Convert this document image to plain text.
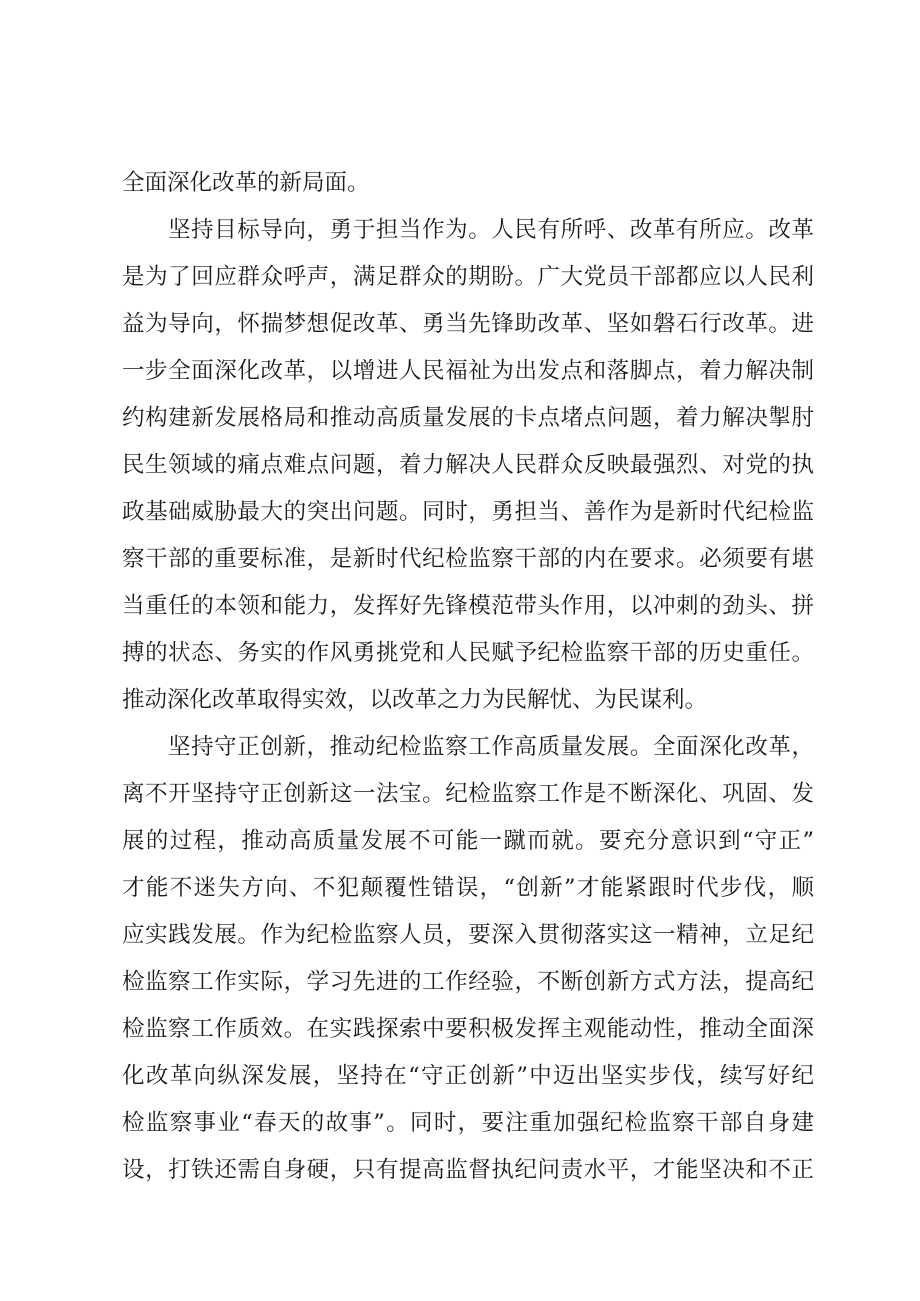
全面深化改革的新局面。
坚持目标导向，勇于担当作为。人民有所呼、改革有所应。改革
是为了回应群众呼声，满足群众的期盼。广大党员干部都应以人民利
益为导向，怀揣梦想促改革、勇当先锋助改革、坚如磐石行改革。进
一步全面深化改革，以增进人民福祉为出发点和落脚点，着力解决制
约构建新发展格局和推动高质量发展的卡点堵点问题，着力解决掣肘
民生领域的痛点难点问题，着力解决人民群众反映最强烈、对党的执
政基础威胁最大的突出问题。同时，勇担当、善作为是新时代纪检监
察干部的重要标准，是新时代纪检监察干部的内在要求。必须要有堪
当重任的本领和能力，发挥好先锋模范带头作用，以冲刺的劲头、拼
搏的状态、务实的作风勇挑党和人民赋予纪检监察干部的历史重任。
推动深化改革取得实效，以改革之力为民解忧、为民谋利。
坚持守正创新，推动纪检监察工作高质量发展。全面深化改革，
离不开坚持守正创新这一法宝。纪检监察工作是不断深化、巩固、发
展的过程，推动高质量发展不可能一蹴而就。要充分意识到“守正”
才能不迷失方向、不犯颠覆性错误，“创新”才能紧跟时代步伐，顺
应实践发展。作为纪检监察人员，要深入贯彻落实这一精神，立足纪
检监察工作实际，学习先进的工作经验，不断创新方式方法，提高纪
检监察工作质效。在实践探索中要积极发挥主观能动性，推动全面深
化改革向纵深发展，坚持在“守正创新”中迈出坚实步伐，续写好纪
检监察事业“春天的故事”。同时，要注重加强纪检监察干部自身建
设，打铁还需自身硬，只有提高监督执纪问责水平，才能坚决和不正
